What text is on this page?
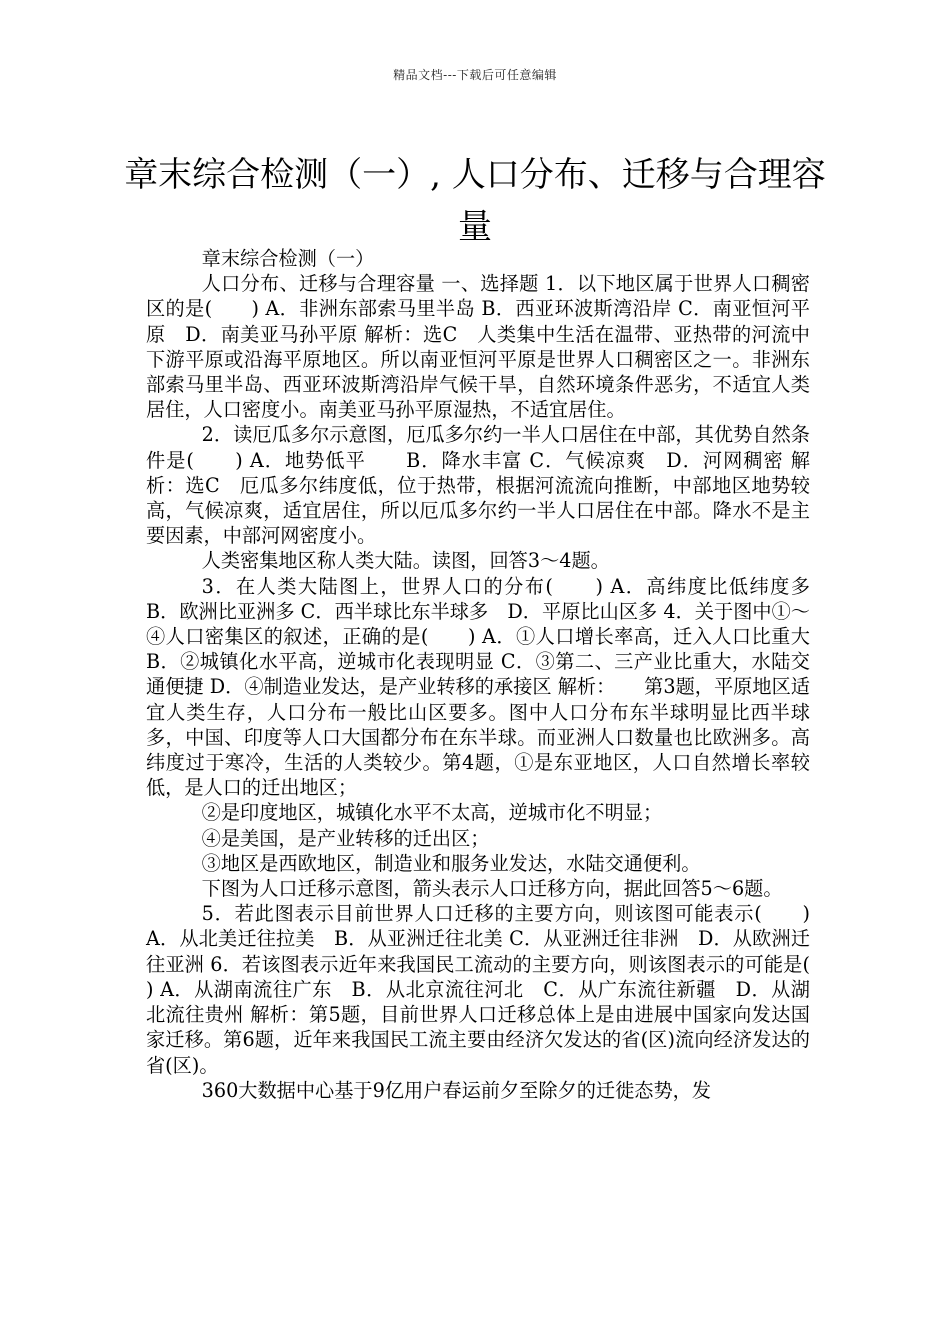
精品文档---下载后可任意编辑
章末综合检测（一）, 人口分布、迁移与合理容量

章末综合检测（一）

人口分布、迁移与合理容量 一、选择题 1．以下地区属于世界人口稠密区的是(　　) A．非洲东部索马里半岛 B．西亚环波斯湾沿岸 C．南亚恒河平原　D．南美亚马孙平原 解析：选C　人类集中生活在温带、亚热带的河流中下游平原或沿海平原地区。所以南亚恒河平原是世界人口稠密区之一。非洲东部索马里半岛、西亚环波斯湾沿岸气候干旱，自然环境条件恶劣，不适宜人类居住，人口密度小。南美亚马孙平原湿热，不适宜居住。

2．读厄瓜多尔示意图，厄瓜多尔约一半人口居住在中部，其优势自然条件是(　　) A．地势低平　　B．降水丰富 C．气候凉爽　D．河网稠密 解析：选C　厄瓜多尔纬度低，位于热带，根据河流流向推断，中部地区地势较高，气候凉爽，适宜居住，所以厄瓜多尔约一半人口居住在中部。降水不是主要因素，中部河网密度小。

人类密集地区称人类大陆。读图，回答3～4题。

3．在人类大陆图上，世界人口的分布(　　) A．高纬度比低纬度多　B．欧洲比亚洲多 C．西半球比东半球多　D．平原比山区多 4．关于图中①～④人口密集区的叙述，正确的是(　　) A．①人口增长率高，迁入人口比重大 B．②城镇化水平高，逆城市化表现明显 C．③第二、三产业比重大，水陆交通便捷 D．④制造业发达，是产业转移的承接区 解析：　　第3题，平原地区适宜人类生存，人口分布一般比山区要多。图中人口分布东半球明显比西半球多，中国、印度等人口大国都分布在东半球。而亚洲人口数量也比欧洲多。高纬度过于寒冷，生活的人类较少。第4题，①是东亚地区，人口自然增长率较低，是人口的迁出地区；

②是印度地区，城镇化水平不太高，逆城市化不明显；

④是美国，是产业转移的迁出区；

③地区是西欧地区，制造业和服务业发达，水陆交通便利。

下图为人口迁移示意图，箭头表示人口迁移方向，据此回答5～6题。

5．若此图表示目前世界人口迁移的主要方向，则该图可能表示(　　) A．从北美迁往拉美　B．从亚洲迁往北美 C．从亚洲迁往非洲　D．从欧洲迁往亚洲 6．若该图表示近年来我国民工流动的主要方向，则该图表示的可能是(　　) A．从湖南流往广东　B．从北京流往河北　C．从广东流往新疆　D．从湖北流往贵州 解析：第5题，目前世界人口迁移总体上是由进展中国家向发达国家迁移。第6题，近年来我国民工流主要由经济欠发达的省(区)流向经济发达的省(区)。

360大数据中心基于9亿用户春运前夕至除夕的迁徙态势，发
